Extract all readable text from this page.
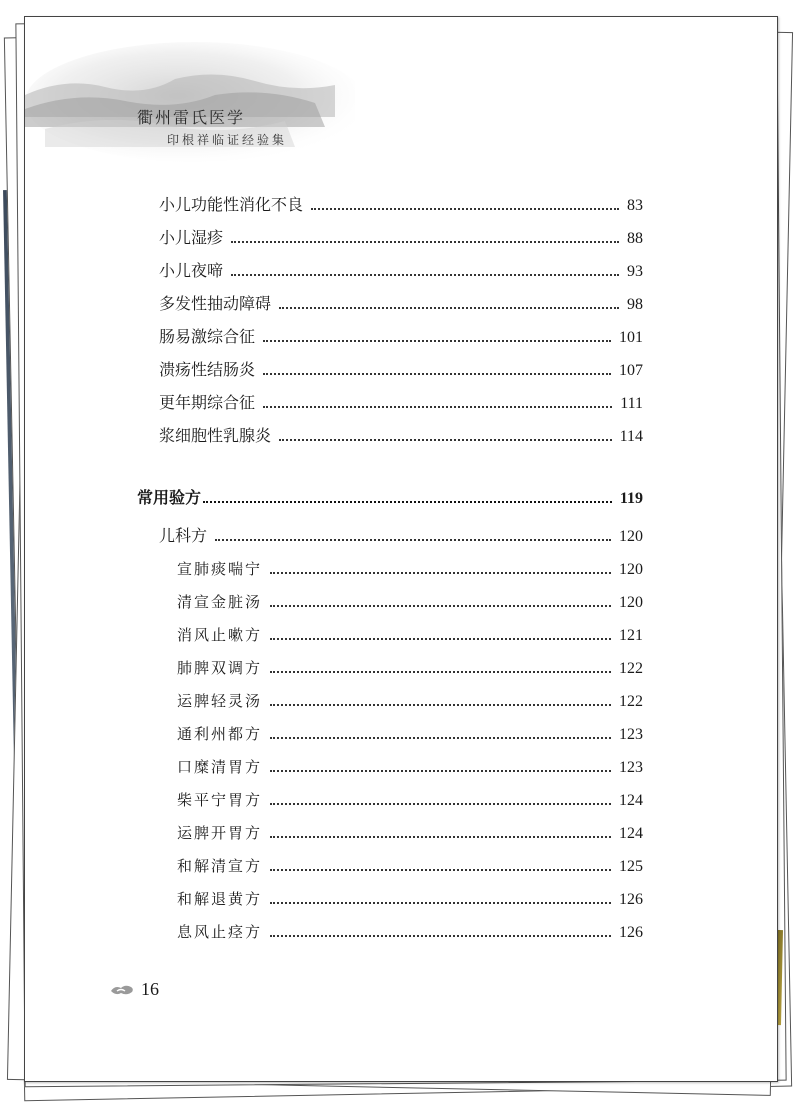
衢州雷氏医学
印根祥临证经验集
小儿功能性消化不良	83
小儿湿疹	88
小儿夜啼	93
多发性抽动障碍	98
肠易激综合征	101
溃疡性结肠炎	107
更年期综合征	111
浆细胞性乳腺炎	114
常用验方	119
儿科方	120
宣肺痰喘宁	120
清宣金脏汤	120
消风止嗽方	121
肺脾双调方	122
运脾轻灵汤	122
通利州都方	123
口糜清胃方	123
柴平宁胃方	124
运脾开胃方	124
和解清宣方	125
和解退黄方	126
息风止痉方	126
16
